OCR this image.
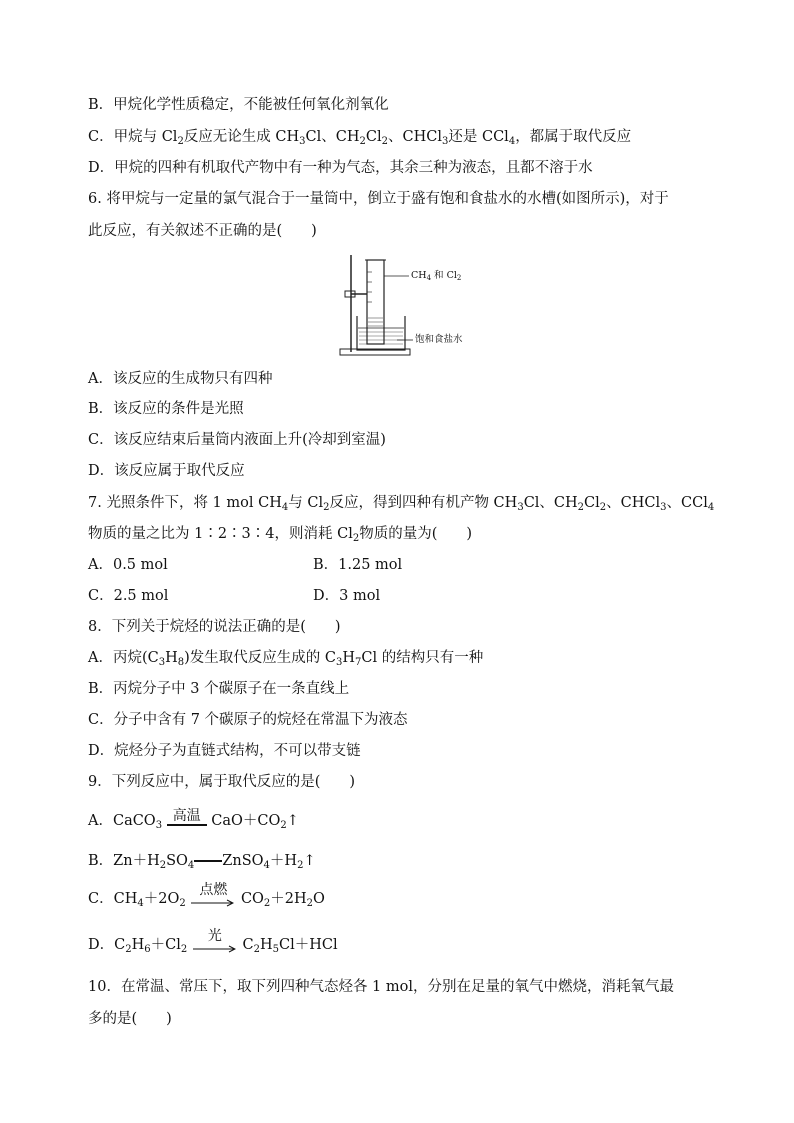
B．甲烷化学性质稳定，不能被任何氧化剂氧化
C．甲烷与 $Cl_2$反应无论生成 $CH_3Cl$、$CH_2Cl_2$、CHCl$_3$还是 CCl$_4$，都属于取代反应
D．甲烷的四种有机取代产物中有一种为气态，其余三种为液态，且都不溶于水
6. 将甲烷与一定量的氯气混合于一量筒中，倒立于盛有饱和食盐水的水槽(如图所示)，对于
此反应，有关叙述不正确的是(　　)
$CH_4$ 和 $Cl_2$
饱和食盐水
A．该反应的生成物只有四种
B．该反应的条件是光照
C．该反应结束后量筒内液面上升(冷却到室温)
D．该反应属于取代反应
7. 光照条件下，将 1 mol $CH_4$与 $Cl_2$反应，得到四种有机产物 $CH_3Cl$、$CH_2Cl_2$、CHCl$_3$、CCl$_4$
物质的量之比为 1∶2∶3∶4，则消耗 $Cl_2$物质的量为(　　)
A．0.5 mol	B．1.25 mol
C．2.5 mol	D．3 mol
8．下列关于烷烃的说法正确的是(　　)
A．丙烷$(C_3H_8)$发生取代反应生成的 $C_3H_7Cl$ 的结构只有一种
B．丙烷分子中 3 个碳原子在一条直线上
C．分子中含有 7 个碳原子的烷烃在常温下为液态
D．烷烃分子为直链式结构，不可以带支链
9．下列反应中，属于取代反应的是(　　)
A．CaCO$_3$
高温 $CaO+CO_2↑$
B．$Zn+H_2SO_4$ $ZnSO_4+H_2↑$
C．$CH_4+2O_2$
点燃
$CO_2+2H_2O$
D．$C_2H_6+Cl_2$
光
$C_2H_5Cl+HCl$
10．在常温、常压下，取下列四种气态烃各 1 mol，分别在足量的氧气中燃烧，消耗氧气最
多的是(　　)
